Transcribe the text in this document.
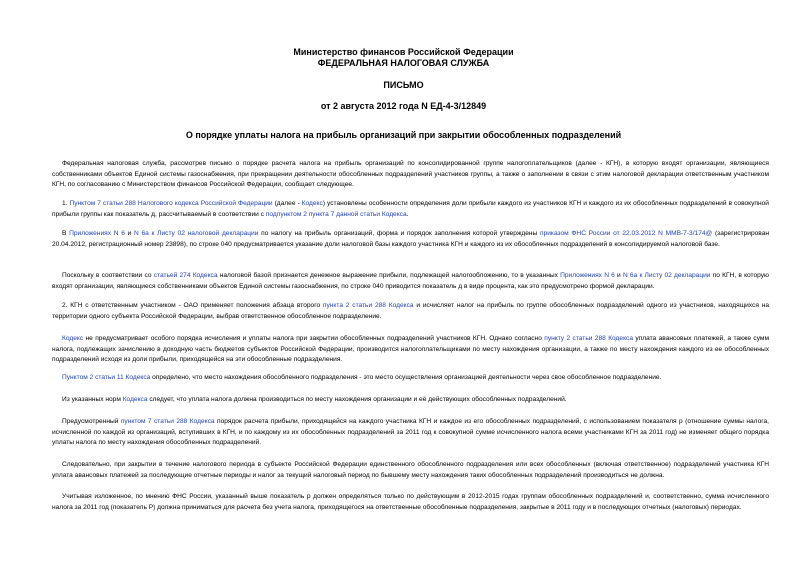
Министерство финансов Российской Федерации
ФЕДЕРАЛЬНАЯ НАЛОГОВАЯ СЛУЖБА
ПИСЬМО
от 2 августа 2012 года N ЕД-4-3/12849
О порядке уплаты налога на прибыль организаций при закрытии обособленных подразделений
Федеральная налоговая служба, рассмотрев письмо о порядке расчета налога на прибыль организаций по консолидированной группе налогоплательщиков (далее - КГН), в которую входят организации, являющиеся собственниками объектов Единой системы газоснабжения, при прекращении деятельности обособленных подразделений участников группы, а также о заполнении в связи с этим налоговой декларации ответственным участником КГН, по согласованию с Министерством финансов Российской Федерации, сообщает следующее.
1. Пунктом 7 статьи 288 Налогового кодекса Российской Федерации (далее - Кодекс) установлены особенности определения доли прибыли каждого из участников КГН и каждого из их обособленных подразделений в совокупной прибыли группы как показатель д, рассчитываемый в соответствии с подпунктом 2 пункта 7 данной статьи Кодекса.
В Приложениях N 6 и N 6а к Листу 02 налоговой декларации по налогу на прибыль организаций, форма и порядок заполнения которой утверждены приказом ФНС России от 22.03.2012 N ММВ-7-3/174@ (зарегистрирован 20.04.2012, регистрационный номер 23898), по строке 040 предусматривается указание доли налоговой базы каждого участника КГН и каждого из их обособленных подразделений в консолидируемой налоговой базе.
Поскольку в соответствии со статьей 274 Кодекса налоговой базой признается денежное выражение прибыли, подлежащей налогообложению, то в указанных Приложениях N 6 и N 6а к Листу 02 декларации по КГН, в которую входят организации, являющиеся собственниками объектов Единой системы газоснабжения, по строке 040 приводится показатель д в виде процента, как это предусмотрено формой декларации.
2. КГН с ответственным участником - ОАО применяет положения абзаца второго пункта 2 статьи 288 Кодекса и исчисляет налог на прибыль по группе обособленных подразделений одного из участников, находящихся на территории одного субъекта Российской Федерации, выбрав ответственное обособленное подразделение.
Кодекс не предусматривает особого порядка исчисления и уплаты налога при закрытии обособленных подразделений участников КГН. Однако согласно пункту 2 статьи 288 Кодекса уплата авансовых платежей, а также сумм налога, подлежащих зачислению в доходную часть бюджетов субъектов Российской Федерации, производится налогоплательщиками по месту нахождения организации, а также по месту нахождения каждого из ее обособленных подразделений исходя из доли прибыли, приходящейся на эти обособленные подразделения.
Пунктом 2 статьи 11 Кодекса определено, что место нахождения обособленного подразделения - это место осуществления организацией деятельности через свое обособленное подразделение.
Из указанных норм Кодекса следует, что уплата налога должна производиться по месту нахождения организации и её действующих обособленных подразделений.
Предусмотренный пунктом 7 статьи 288 Кодекса порядок расчета прибыли, приходящейся на каждого участника КГН и каждое из его обособленных подразделений, с использованием показателя p (отношение суммы налога, исчисленной по каждой из организаций, вступивших в КГН, и по каждому из их обособленных подразделений за 2011 год к совокупной сумме исчисленного налога всеми участниками КГН за 2011 год) не изменяет общего порядка уплаты налога по месту нахождения обособленных подразделений.
Следовательно, при закрытии в течение налогового периода в субъекте Российской Федерации единственного обособленного подразделения или всех обособленных (включая ответственное) подразделений участника КГН уплата авансовых платежей за последующие отчетные периоды и налог за текущий налоговый период по бывшему месту нахождения таких обособленных подразделений производиться не должна.
Учитывая изложенное, по мнению ФНС России, указанный выше показатель p должен определяться только по действующим в 2012-2015 годах группам обособленных подразделений и, соответственно, сумма исчисленного налога за 2011 год (показатель P) должна приниматься для расчета без учета налога, приходящегося на ответственные обособленные подразделения, закрытые в 2011 году и в последующих отчетных (налоговых) периодах.
